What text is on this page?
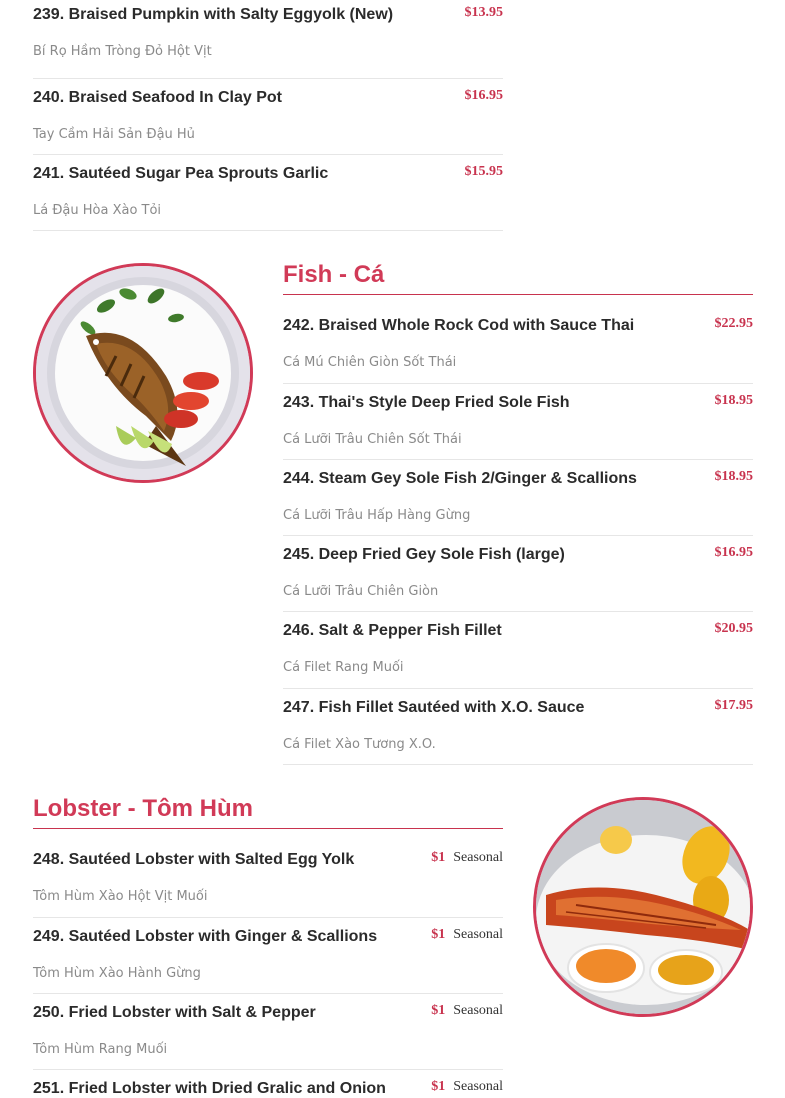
239. Braised Pumpkin with Salty Eggyolk (New)	$13.95
Bí Rọ Hầm Tròng Đỏ Hột Vịt
240. Braised Seafood In Clay Pot	$16.95
Tay Cầm Hải Sản Đậu Hủ
241. Sautéed Sugar Pea Sprouts Garlic	$15.95
Lá Đậu Hòa Xào Tỏi
Fish - Cá
242. Braised Whole Rock Cod with Sauce Thai	$22.95
Cá Mú Chiên Giòn Sốt Thái
243. Thai's Style Deep Fried Sole Fish	$18.95
Cá Lưỡi Trâu Chiên Sốt Thái
244. Steam Gey Sole Fish 2/Ginger & Scallions	$18.95
Cá Lưỡi Trâu Hấp Hàng Gừng
245. Deep Fried Gey Sole Fish (large)	$16.95
Cá Lưỡi Trâu Chiên Giòn
246. Salt & Pepper Fish Fillet	$20.95
Cá Filet Rang Muối
247. Fish Fillet Sautéed with X.O. Sauce	$17.95
Cá Filet Xào Tương X.O.
Lobster - Tôm Hùm
248. Sautéed Lobster with Salted Egg Yolk	$1 Seasonal
Tôm Hùm Xào Hột Vịt Muối
249. Sautéed Lobster with Ginger & Scallions	$1 Seasonal
Tôm Hùm Xào Hành Gừng
250. Fried Lobster with Salt & Pepper	$1 Seasonal
Tôm Hùm Rang Muối
251. Fried Lobster with Dried Gralic and Onion	$1 Seasonal
